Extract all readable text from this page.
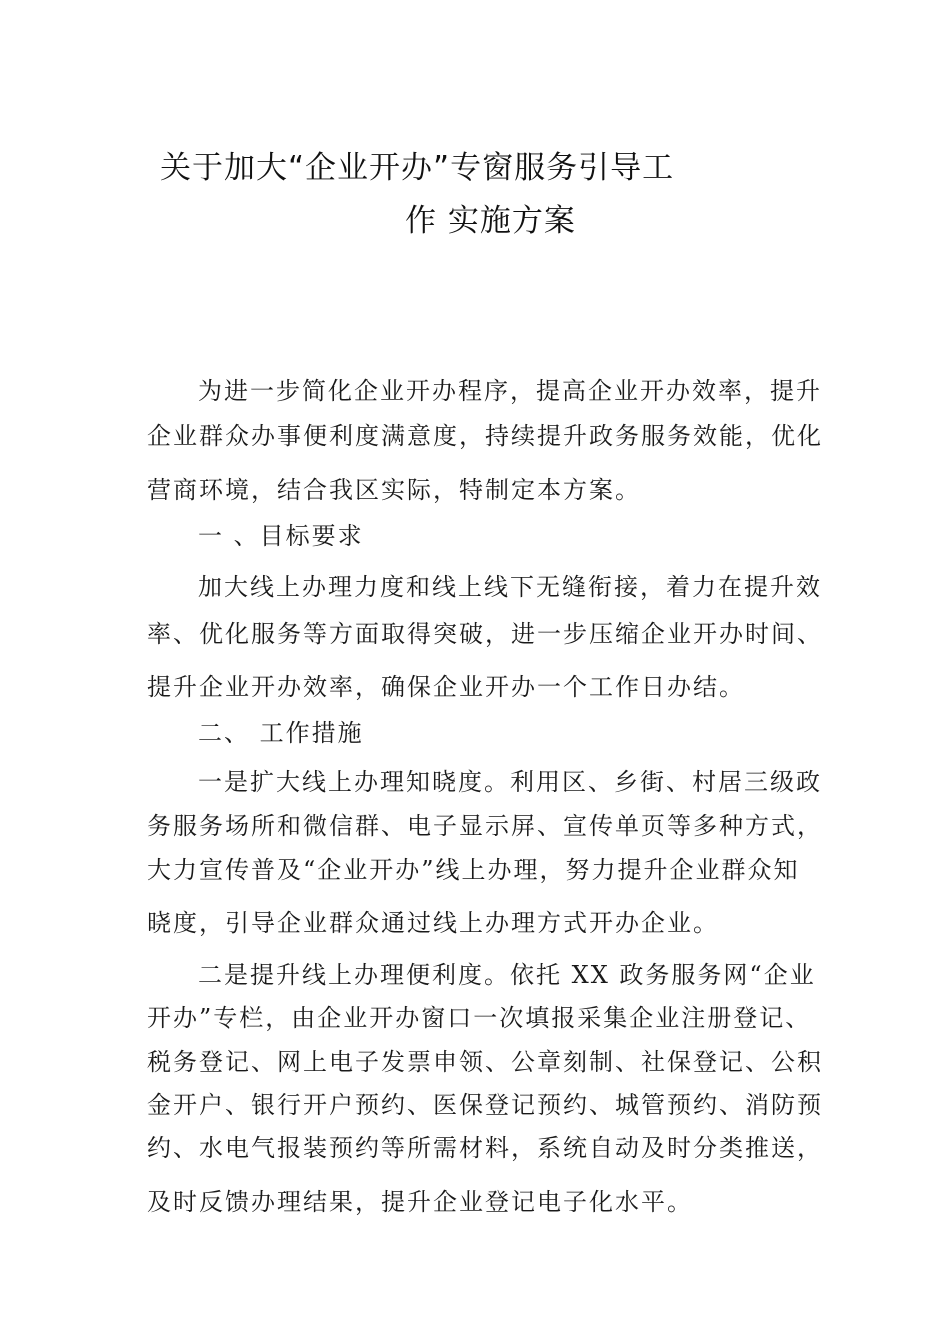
关于加大“企业开办”专窗服务引导工
作 实施方案
为进一步简化企业开办程序，提高企业开办效率，提升
企业群众办事便利度满意度，持续提升政务服务效能，优化
营商环境，结合我区实际，特制定本方案。
一 、目标要求
加大线上办理力度和线上线下无缝衔接，着力在提升效
率、优化服务等方面取得突破，进一步压缩企业开办时间、
提升企业开办效率，确保企业开办一个工作日办结。
二、 工作措施
一是扩大线上办理知晓度。利用区、乡街、村居三级政
务服务场所和微信群、电子显示屏、宣传单页等多种方式，
大力宣传普及“企业开办”线上办理，努力提升企业群众知
晓度，引导企业群众通过线上办理方式开办企业。
二是提升线上办理便利度。依托 XX 政务服务网“企业
开办”专栏，由企业开办窗口一次填报采集企业注册登记、
税务登记、网上电子发票申领、公章刻制、社保登记、公积
金开户、银行开户预约、医保登记预约、城管预约、消防预
约、水电气报装预约等所需材料，系统自动及时分类推送，
及时反馈办理结果，提升企业登记电子化水平。
